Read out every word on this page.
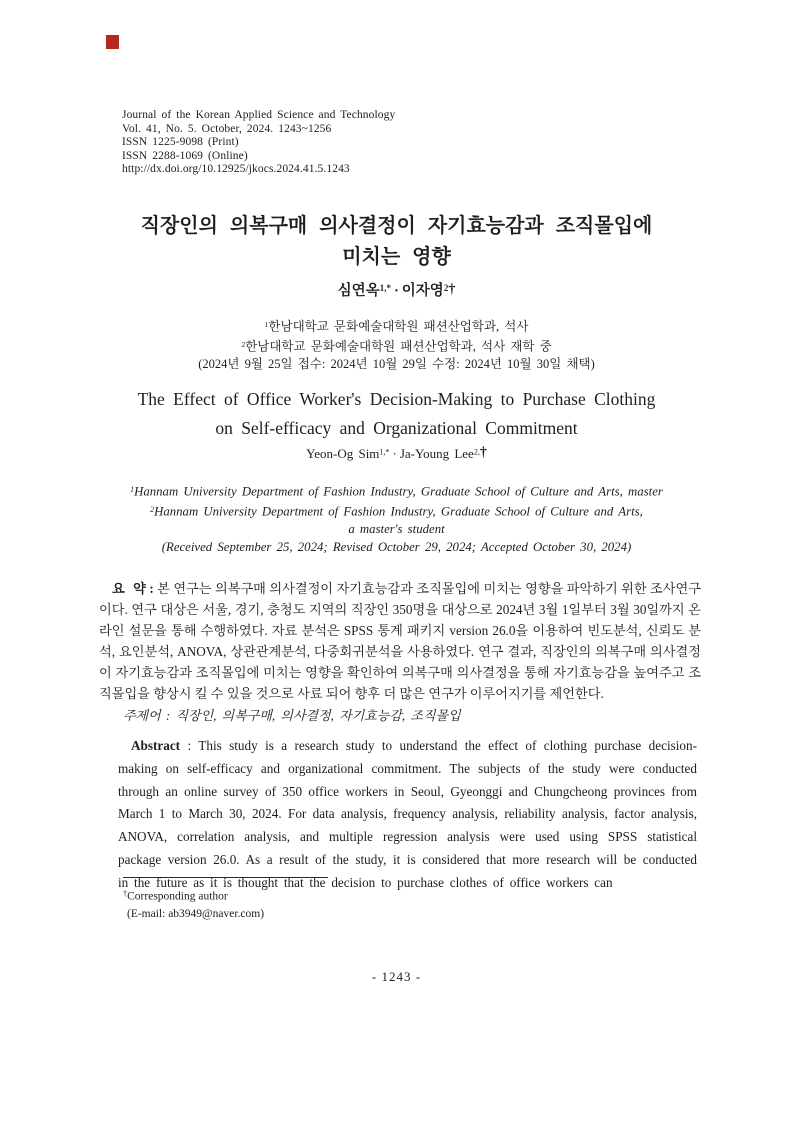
Journal of the Korean Applied Science and Technology
Vol. 41, No. 5. October, 2024. 1243~1256
ISSN 1225-9098 (Print)
ISSN 2288-1069 (Online)
http://dx.doi.org/10.12925/jkocs.2024.41.5.1243
직장인의 의복구매 의사결정이 자기효능감과 조직몰입에
미치는 영향
심연옥$^{1,*}$ · 이자영$^2$†
$^1$한남대학교 문화예술대학원 패션산업학과, 석사
$^2$한남대학교 문화예술대학원 패션산업학과, 석사 재학 중
(2024년 9월 25일 접수: 2024년 10월 29일 수정: 2024년 10월 30일 채택)
The Effect of Office Worker's Decision-Making to Purchase Clothing
on Self-efficacy and Organizational Commitment
Yeon-Og Sim$^{1,*}$ · Ja-Young Lee$^{2,}$†
$^1$Hannam University Department of Fashion Industry, Graduate School of Culture and Arts, master
$^2$Hannam University Department of Fashion Industry, Graduate School of Culture and Arts,
a master's student
(Received September 25, 2024; Revised October 29, 2024; Accepted October 30, 2024)
요 약 : 본 연구는 의복구매 의사결정이 자기효능감과 조직몰입에 미치는 영향을 파악하기 위한 조사연구이다. 연구 대상은 서울, 경기, 충청도 지역의 직장인 350명을 대상으로 2024년 3월 1일부터 3월 30일까지 온라인 설문을 통해 수행하였다. 자료 분석은 SPSS 통계 패키지 version 26.0을 이용하여 빈도분석, 신뢰도 분석, 요인분석, ANOVA, 상관관계분석, 다중회귀분석을 사용하였다. 연구 결과, 직장인의 의복구매 의사결정이 자기효능감과 조직몰입에 미치는 영향을 확인하여 의복구매 의사결정을 통해 자기효능감을 높여주고 조직몰입을 향상시 킬 수 있을 것으로 사료 되어 향후 더 많은 연구가 이루어지기를 제언한다.
주제어 : 직장인, 의복구매, 의사결정, 자기효능감, 조직몰입
Abstract : This study is a research study to understand the effect of clothing purchase decision-making on self-efficacy and organizational commitment. The subjects of the study were conducted through an online survey of 350 office workers in Seoul, Gyeonggi and Chungcheong provinces from March 1 to March 30, 2024. For data analysis, frequency analysis, reliability analysis, factor analysis, ANOVA, correlation analysis, and multiple regression analysis were used using SPSS statistical package version 26.0. As a result of the study, it is considered that more research will be conducted in the future as it is thought that the decision to purchase clothes of office workers can
†Corresponding author
(E-mail: ab3949@naver.com)
- 1243 -
